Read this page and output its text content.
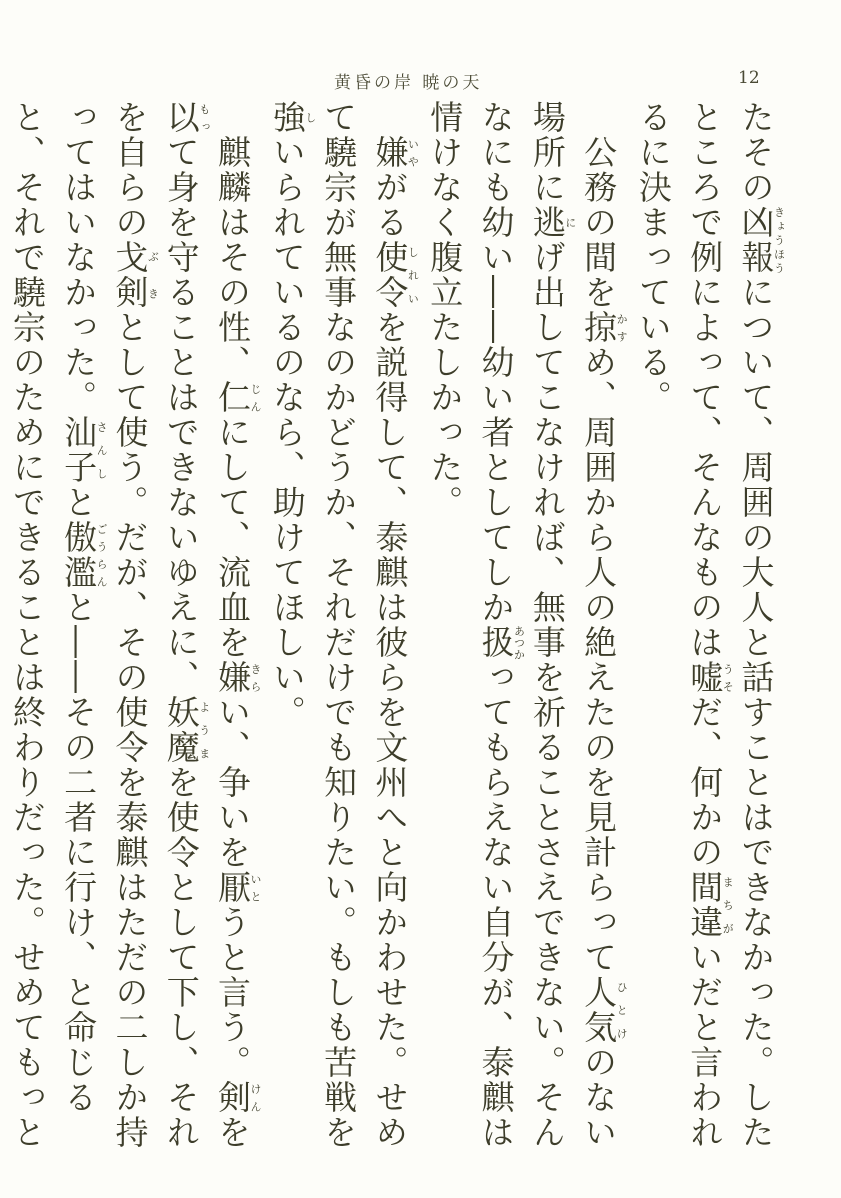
黄昏の岸 暁の天	12

たその凶報きょうほうについて、周囲の大人と話すことはできなかった。したところで例によって、そんなものは嘘うそだ、何かの間違まちがいだと言われるに決まっている。

　公務の間を掠かすめ、周囲から人の絶えたのを見計らって人気ひとけのない場所に逃にげ出してこなければ、無事を祈ることさえできない。そんなにも幼い――幼い者としてしか扱あつかってもらえない自分が、泰麒は情けなく腹立たしかった。

　嫌いやがる使令しれいを説得して、泰麒は彼らを文州へと向かわせた。せめて驍宗が無事なのかどうか、それだけでも知りたい。もしも苦戦を強しいられているのなら、助けてほしい。

　麒麟はその性、仁じんにして、流血を嫌きらい、争いを厭いとうと言う。剣けんを以もって身を守ることはできないゆえに、妖魔ようまを使令として下し、それを自らの戈剣ぶきとして使う。だが、その使令を泰麒はただの二しか持ってはいなかった。汕子さんしと傲濫ごうらんと――その二者に行け、と命じると、それで驍宗のためにできることは終わりだった。せめてもっと
